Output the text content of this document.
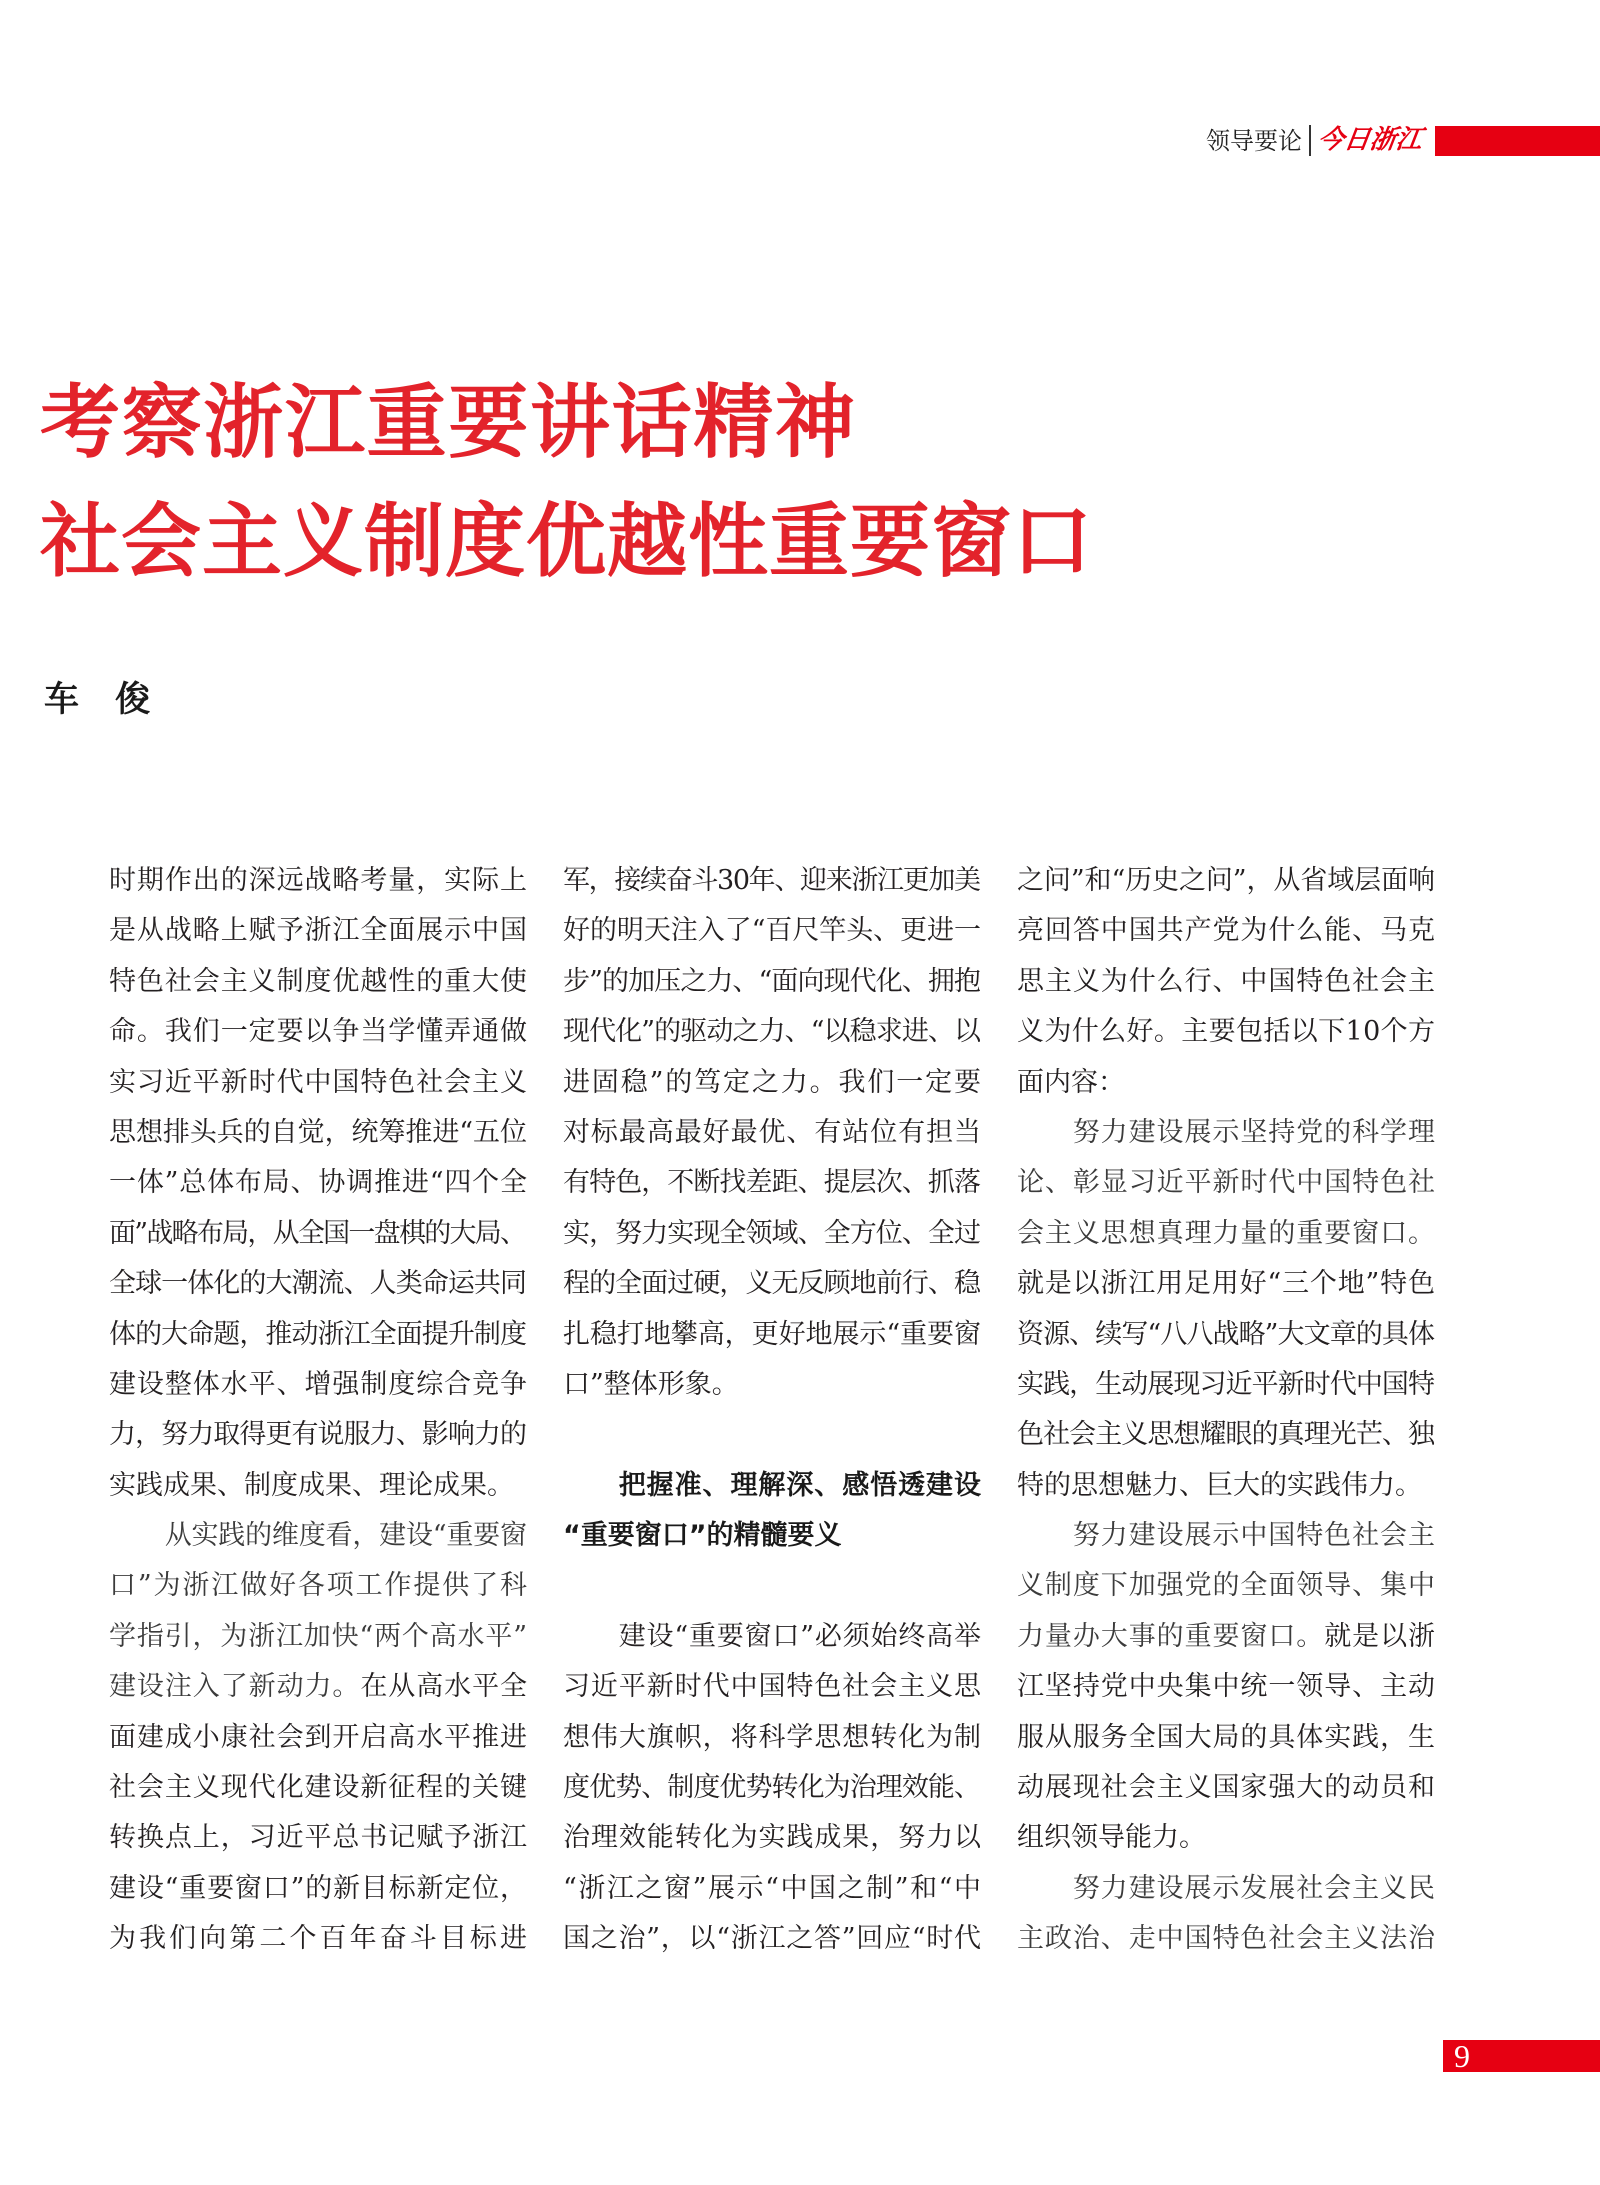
领导要论 今日浙江
考察浙江重要讲话精神
社会主义制度优越性重要窗口
车 俊
时期作出的深远战略考量，实际上
是从战略上赋予浙江全面展示中国
特色社会主义制度优越性的重大使
命。我们一定要以争当学懂弄通做
实习近平新时代中国特色社会主义
思想排头兵的自觉，统筹推进“五位
一体”总体布局、协调推进“四个全
面”战略布局，从全国一盘棋的大局、
全球一体化的大潮流、人类命运共同
体的大命题，推动浙江全面提升制度
建设整体水平、增强制度综合竞争
力，努力取得更有说服力、影响力的
实践成果、制度成果、理论成果。
从实践的维度看，建设“重要窗
口”为浙江做好各项工作提供了科
学指引，为浙江加快“两个高水平”
建设注入了新动力。在从高水平全
面建成小康社会到开启高水平推进
社会主义现代化建设新征程的关键
转换点上，习近平总书记赋予浙江
建设“重要窗口”的新目标新定位，
为我们向第二个百年奋斗目标进
军，接续奋斗30年、迎来浙江更加美
好的明天注入了“百尺竿头、更进一
步”的加压之力、“面向现代化、拥抱
现代化”的驱动之力、“以稳求进、以
进固稳”的笃定之力。我们一定要
对标最高最好最优、有站位有担当
有特色，不断找差距、提层次、抓落
实，努力实现全领域、全方位、全过
程的全面过硬，义无反顾地前行、稳
扎稳打地攀高，更好地展示“重要窗
口”整体形象。
把握准、理解深、感悟透建设
“重要窗口”的精髓要义
建设“重要窗口”必须始终高举
习近平新时代中国特色社会主义思
想伟大旗帜，将科学思想转化为制
度优势、制度优势转化为治理效能、
治理效能转化为实践成果，努力以
“浙江之窗”展示“中国之制”和“中
国之治”，以“浙江之答”回应“时代
之问”和“历史之问”，从省域层面响
亮回答中国共产党为什么能、马克
思主义为什么行、中国特色社会主
义为什么好。主要包括以下10个方
面内容：
努力建设展示坚持党的科学理
论、彰显习近平新时代中国特色社
会主义思想真理力量的重要窗口。
就是以浙江用足用好“三个地”特色
资源、续写“八八战略”大文章的具体
实践，生动展现习近平新时代中国特
色社会主义思想耀眼的真理光芒、独
特的思想魅力、巨大的实践伟力。
努力建设展示中国特色社会主
义制度下加强党的全面领导、集中
力量办大事的重要窗口。就是以浙
江坚持党中央集中统一领导、主动
服从服务全国大局的具体实践，生
动展现社会主义国家强大的动员和
组织领导能力。
努力建设展示发展社会主义民
主政治、走中国特色社会主义法治
9
